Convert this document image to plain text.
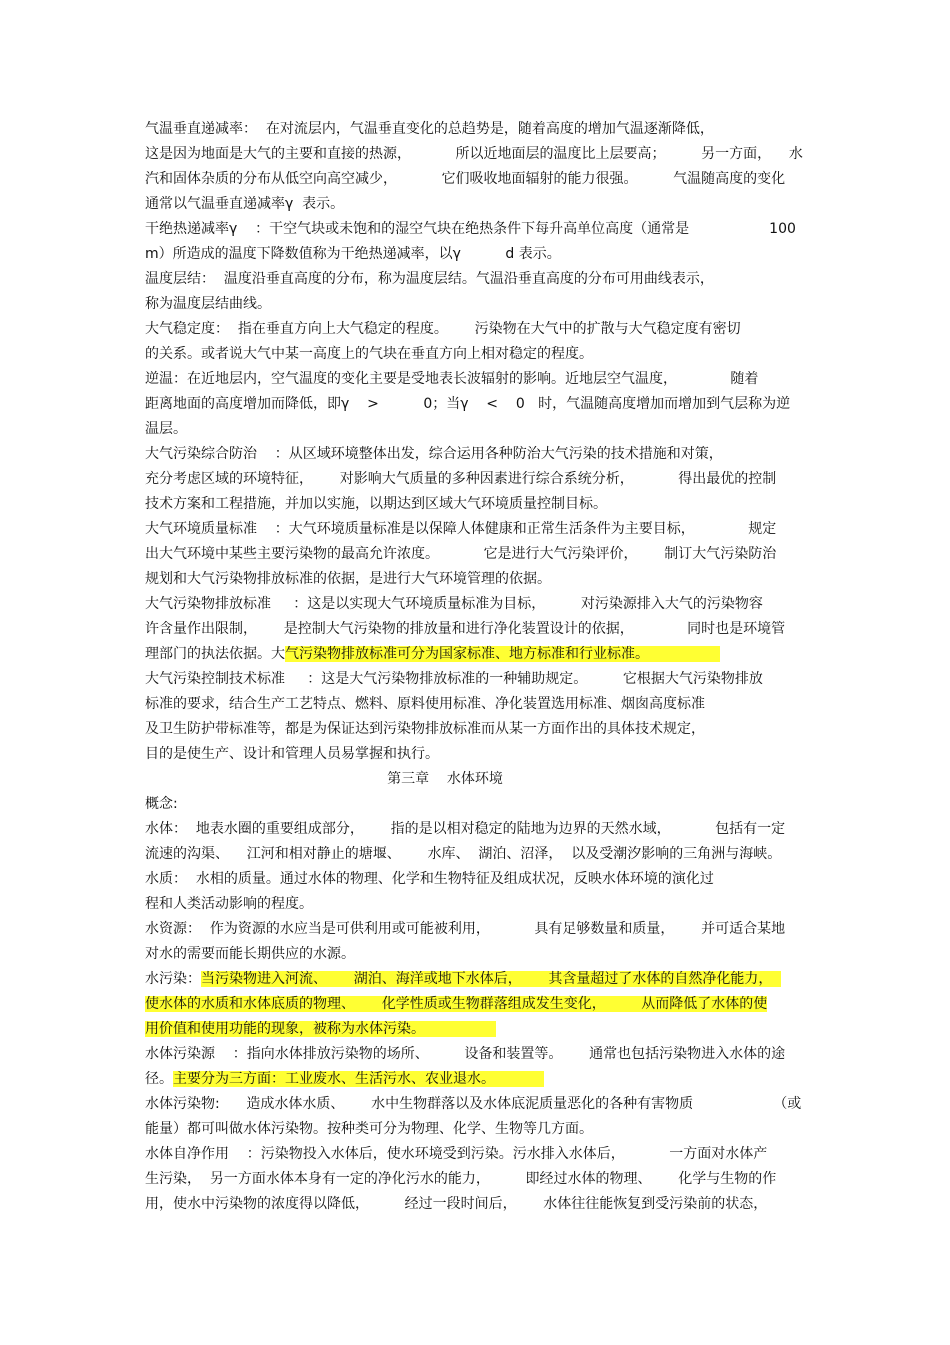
气温垂直递减率：  在对流层内，气温垂直变化的总趋势是，随着高度的增加气温逐渐降低，
这是因为地面是大气的主要和直接的热源，          所以近地面层的温度比上层要高；        另一方面，    水
汽和固体杂质的分布从低空向高空减少，          它们吸收地面辐射的能力很强。        气温随高度的变化
通常以气温垂直递减率γ  表示。
干绝热递减率γ    ：干空气块或未饱和的湿空气块在绝热条件下每升高单位高度（通常是                  100
m）所造成的温度下降数值称为干绝热递减率，以γ          d 表示。
温度层结：  温度沿垂直高度的分布，称为温度层结。气温沿垂直高度的分布可用曲线表示，
称为温度层结曲线。
大气稳定度：  指在垂直方向上大气稳定的程度。      污染物在大气中的扩散与大气稳定度有密切
的关系。或者说大气中某一高度上的气块在垂直方向上相对稳定的程度。
逆温：在近地层内，空气温度的变化主要是受地表长波辐射的影响。近地层空气温度，            随着
距离地面的高度增加而降低，即γ    >          0；当γ    <    0   时，气温随高度增加而增加到气层称为逆
温层。
大气污染综合防治    ：从区域环境整体出发，综合运用各种防治大气污染的技术措施和对策，
充分考虑区域的环境特征，      对影响大气质量的多种因素进行综合系统分析，          得出最优的控制
技术方案和工程措施，并加以实施，以期达到区域大气环境质量控制目标。
大气环境质量标准    ：大气环境质量标准是以保障人体健康和正常生活条件为主要目标，            规定
出大气环境中某些主要污染物的最高允许浓度。          它是进行大气污染评价，      制订大气污染防治
规划和大气污染物排放标准的依据，是进行大气环境管理的依据。
大气污染物排放标准     ：这是以实现大气环境质量标准为目标，        对污染源排入大气的污染物容
许含量作出限制，      是控制大气污染物的排放量和进行净化装置设计的依据，            同时也是环境管
理部门的执法依据。大气污染物排放标准可分为国家标准、地方标准和行业标准。
大气污染控制技术标准     ：这是大气污染物排放标准的一种辅助规定。        它根据大气污染物排放
标准的要求，结合生产工艺特点、燃料、原料使用标准、净化装置选用标准、烟囱高度标准
及卫生防护带标准等，都是为保证达到污染物排放标准而从某一方面作出的具体技术规定，
目的是使生产、设计和管理人员易掌握和执行。
第三章    水体环境
概念:
水体：  地表水圈的重要组成部分，      指的是以相对稳定的陆地为边界的天然水域，          包括有一定
流速的沟渠、    江河和相对静止的塘堰、      水库、  湖泊、沼泽，  以及受潮汐影响的三角洲与海峡。
水质：  水相的质量。通过水体的物理、化学和生物特征及组成状况，反映水体环境的演化过
程和人类活动影响的程度。
水资源：  作为资源的水应当是可供利用或可能被利用，          具有足够数量和质量，      并可适合某地
对水的需要而能长期供应的水源。
水污染：当污染物进入河流、      湖泊、海洋或地下水体后，      其含量超过了水体的自然净化能力，
使水体的水质和水体底质的物理、      化学性质或生物群落组成发生变化，        从而降低了水体的使
用价值和使用功能的现象，被称为水体污染。
水体污染源    ：指向水体排放污染物的场所、        设备和装置等。      通常也包括污染物进入水体的途
径。主要分为三方面：工业废水、生活污水、农业退水。
水体污染物:      造成水体水质、      水中生物群落以及水体底泥质量恶化的各种有害物质                  （或
能量）都可叫做水体污染物。按种类可分为物理、化学、生物等几方面。
水体自净作用    ：污染物投入水体后，使水环境受到污染。污水排入水体后，          一方面对水体产
生污染，  另一方面水体本身有一定的净化污水的能力，        即经过水体的物理、      化学与生物的作
用，使水中污染物的浓度得以降低，        经过一段时间后，      水体往往能恢复到受污染前的状态，
